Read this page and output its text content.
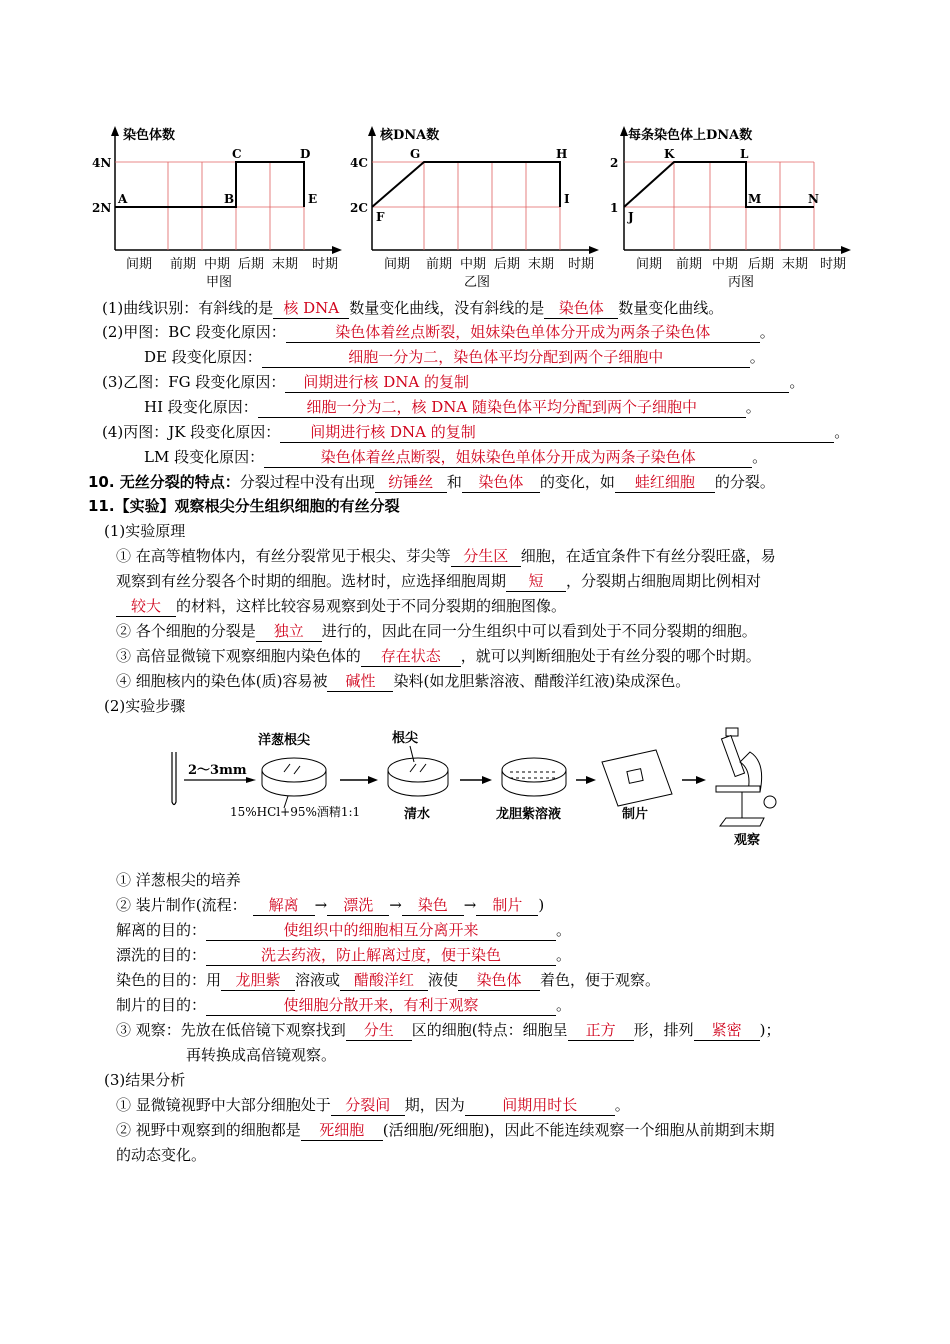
染色体数
4N
2N
A	B
C	D
E
间期 前期 中期 后期 末期 时期
甲图
核DNA数
4C
2C
F
G	H
I
间期 前期 中期 后期 末期 时期
乙图
每条染色体上DNA数
2
1
J
K	L
M	N
间期 前期 中期 后期 末期 时期
丙图
(1)曲线识别：有斜线的是 核 DNA 数量变化曲线，没有斜线的是 染色体 数量变化曲线。
(2)甲图：BC 段变化原因：	染色体着丝点断裂，姐妹染色单体分开成为两条子染色体	。
DE 段变化原因：	细胞一分为二，染色体平均分配到两个子细胞中	。
(3)乙图：FG 段变化原因： 间期进行核 DNA 的复制	。
HI 段变化原因：	细胞一分为二，核 DNA 随染色体平均分配到两个子细胞中	。
(4)丙图：JK 段变化原因： 间期进行核 DNA 的复制	。
LM 段变化原因：	染色体着丝点断裂，姐妹染色单体分开成为两条子染色体	。
10. 无丝分裂的特点：分裂过程中没有出现 纺锤丝 和 染色体 的变化，如 蛙红细胞 的分裂。
11.【实验】观察根尖分生组织细胞的有丝分裂
(1)实验原理
① 在高等植物体内，有丝分裂常见于根尖、芽尖等 分生区 细胞，在适宜条件下有丝分裂旺盛，易
观察到有丝分裂各个时期的细胞。选材时，应选择细胞周期 短 ，分裂期占细胞周期比例相对
较大 的材料，这样比较容易观察到处于不同分裂期的细胞图像。
② 各个细胞的分裂是 独立 进行的，因此在同一分生组织中可以看到处于不同分裂期的细胞。
③ 高倍显微镜下观察细胞内染色体的 存在状态 ，就可以判断细胞处于有丝分裂的哪个时期。
④ 细胞核内的染色体(质)容易被 碱性 染料(如龙胆紫溶液、醋酸洋红液)染成深色。
(2)实验步骤
2～3mm
洋葱根尖
15%HCl+95%酒精1:1
根尖
清水	龙胆紫溶液	制片
观察
① 洋葱根尖的培养
② 装片制作(流程： 解离 → 漂洗 → 染色 → 制片 )
解离的目的：	使组织中的细胞相互分离开来	。
漂洗的目的：	洗去药液，防止解离过度，便于染色	。
染色的目的：用 龙胆紫 溶液或 醋酸洋红 液使 染色体 着色，便于观察。
制片的目的：	使细胞分散开来，有利于观察	。
③ 观察：先放在低倍镜下观察找到 分生 区的细胞(特点：细胞呈 正方 形，排列 紧密 )；
再转换成高倍镜观察。
(3)结果分析
① 显微镜视野中大部分细胞处于 分裂间 期，因为 间期用时长	。
② 视野中观察到的细胞都是 死细胞 (活细胞/死细胞)，因此不能连续观察一个细胞从前期到末期
的动态变化。
